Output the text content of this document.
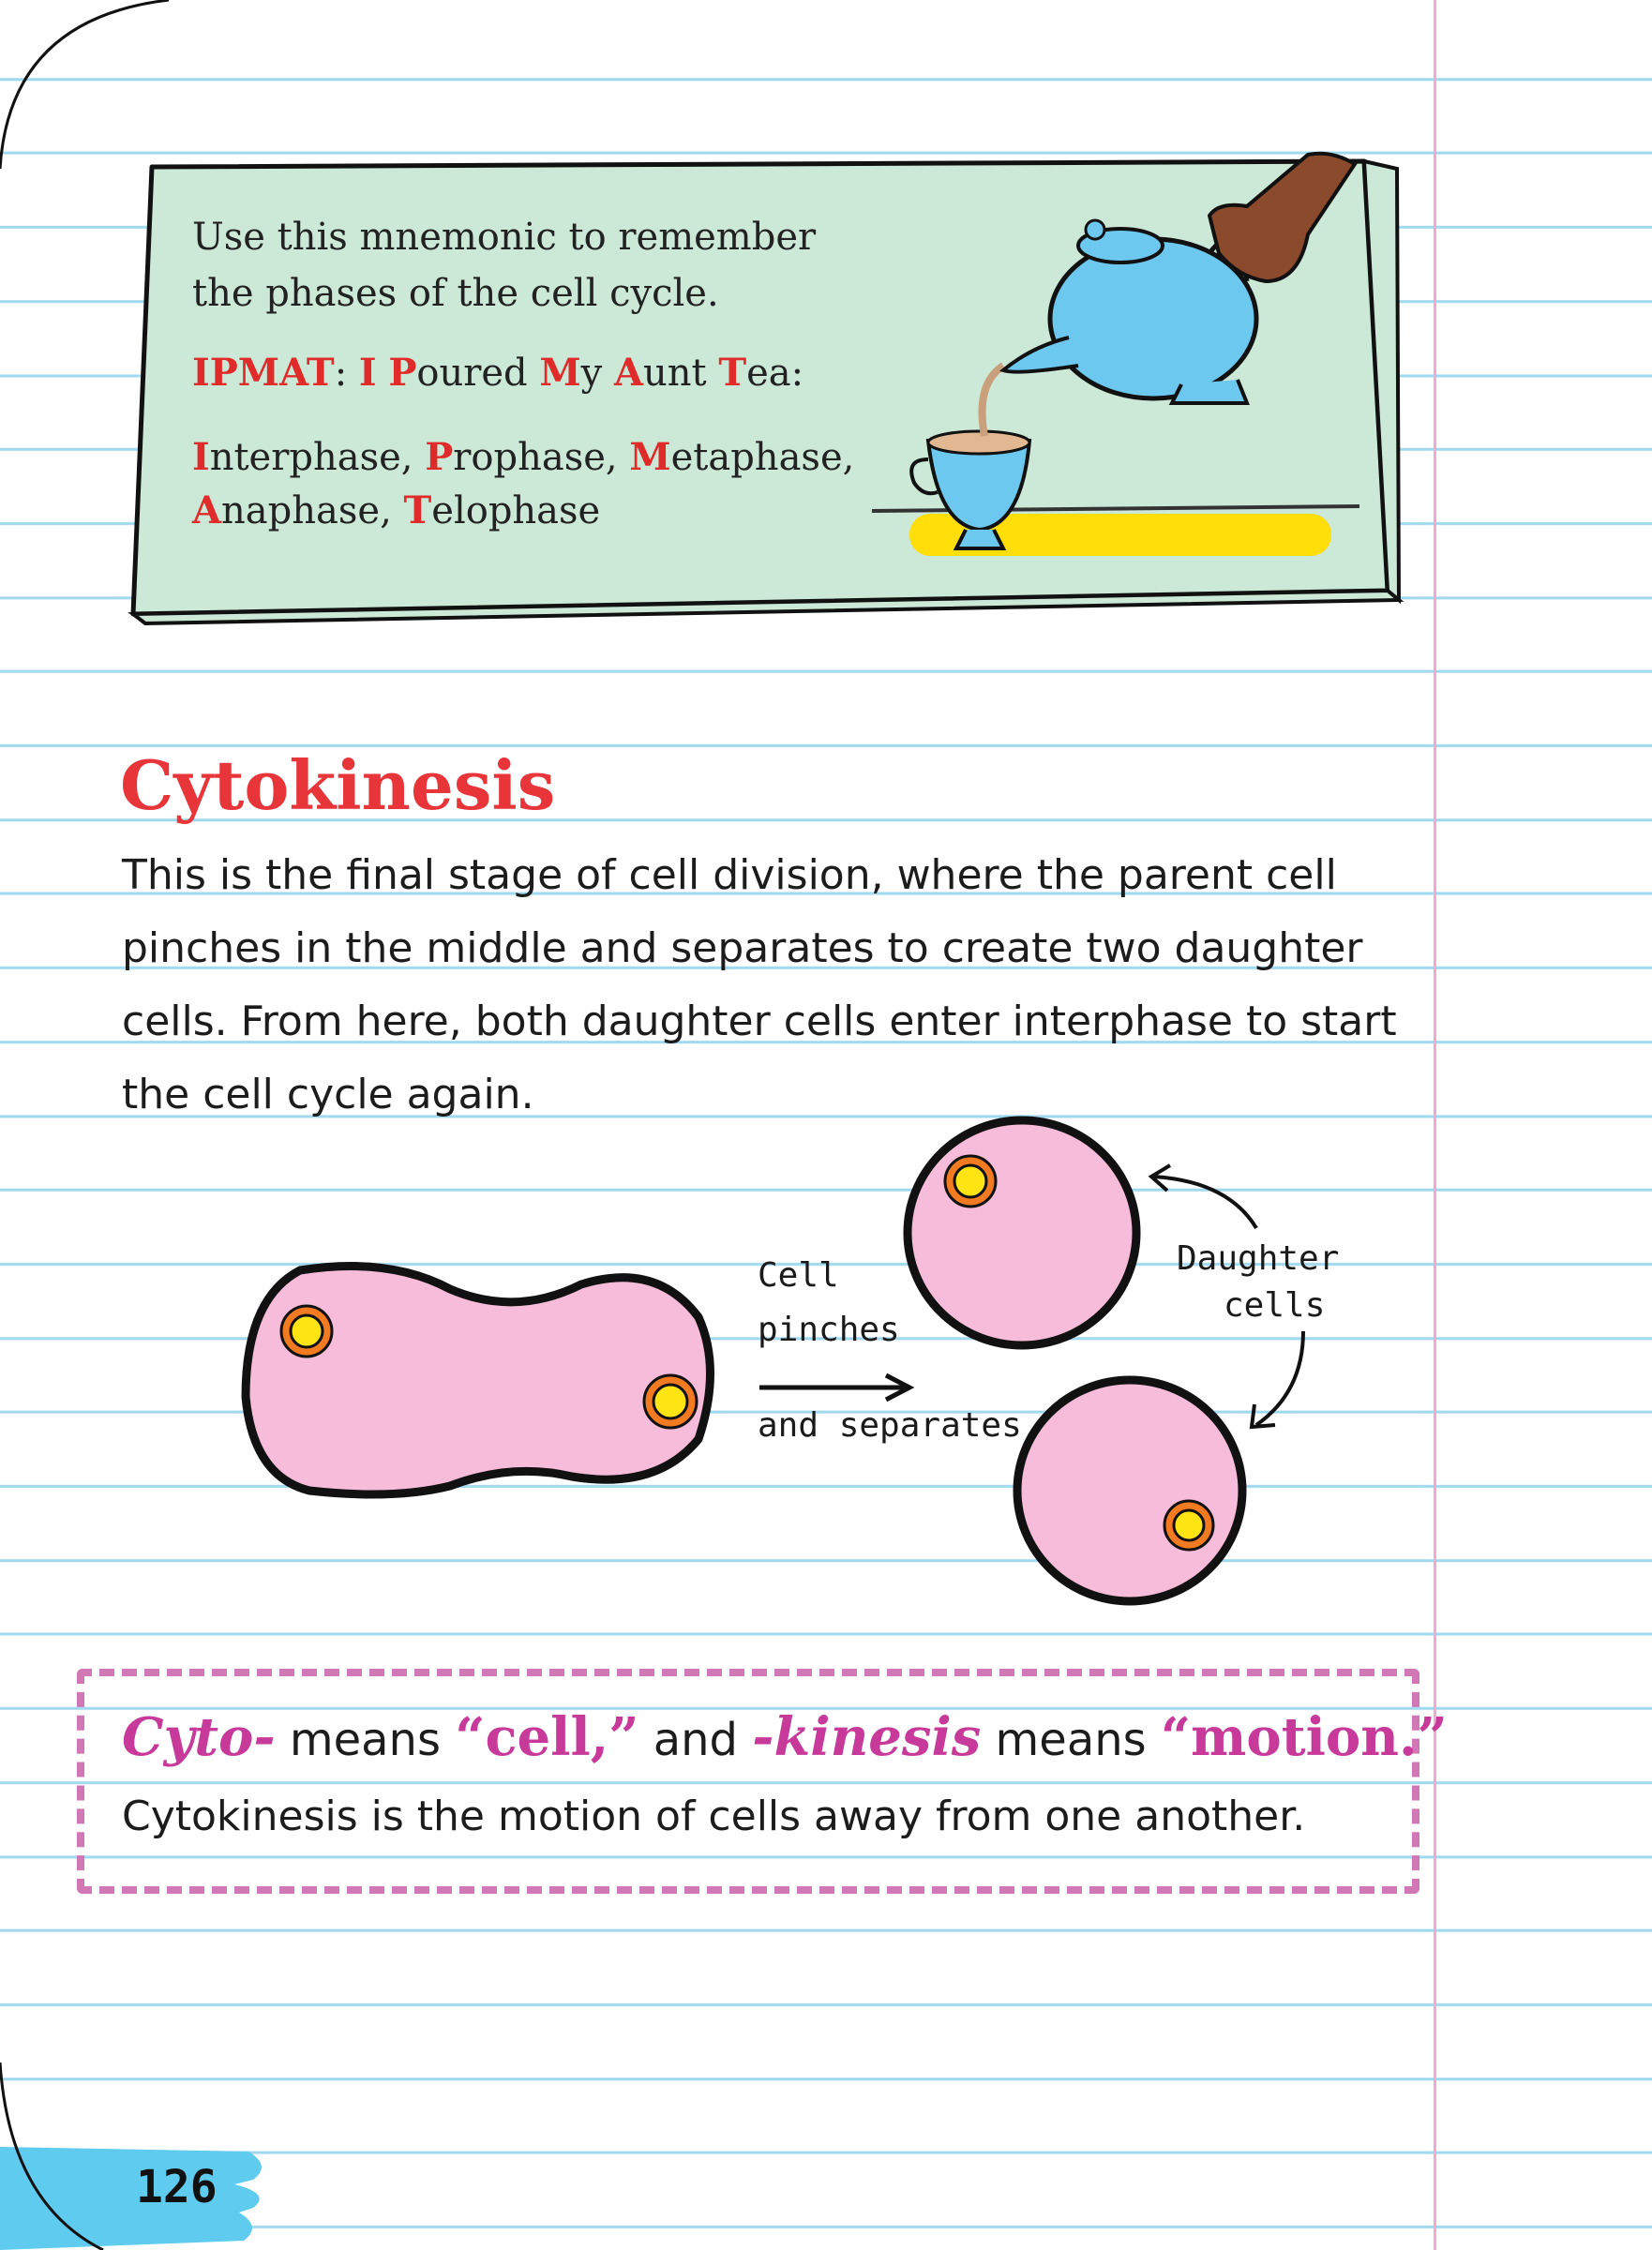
Use this mnemonic to remember
the phases of the cell cycle.
IPMAT: I Poured My Aunt Tea:
Interphase, Prophase, Metaphase,
Anaphase, Telophase
Cytokinesis
This is the final stage of cell division, where the parent cell pinches in the middle and separates to create two daughter cells. From here, both daughter cells enter interphase to start the cell cycle again.
Cell
pinches
and separates
Daughter
cells
Cyto- means “cell,” and -kinesis means “motion.”
Cytokinesis is the motion of cells away from one another.
126
